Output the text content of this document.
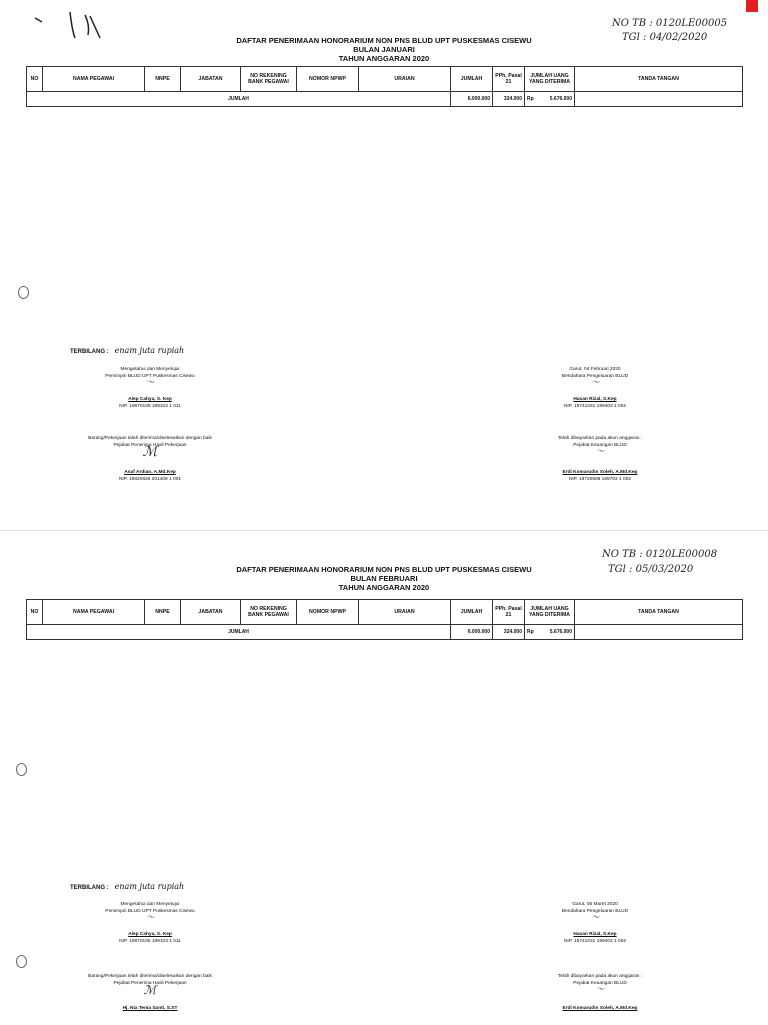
NO TB : 0120LE00005
TGl : 04/02/2020
DAFTAR PENERIMAAN HONORARIUM NON PNS BLUD UPT PUSKESMAS CISEWU
BULAN JANUARI
TAHUN ANGGARAN 2020
NO	NAMA PEGAWAI	NNPE	JABATAN	NO REKENING BANK PEGAWAI	NOMOR NPWP	URAIAN	JUMLAH	PPh. Pasal 21	JUMLAH UANG YANG DITERIMA	TANDA TANGAN
JUMLAH							6.000.000	324.000	Rp 5.676.000	

TERBILANG : enam juta rupiah
Mengetahui dan Menyetujui
Pemimpin BLUD UPT Puskesmas Cisewu
～
Alep Cahya, S. Kep
NIP. 19670105 199103 1 011
Garut, 04 Februari 2020
Bendahara Pengeluaran BLUD
～
Hasan Rizal, S.Kep
NIP. 19741031 199403 1 002
Barang/Pekerjaan telah diterima/diselesaikan dengan baik
Pejabat Penerima Hasil Pekerjaan
ℳ
Anaf Ardian, A.Md.Kep
NIP. 19820926 201409 1 001
Telah dibayarkan pada akun anggaran :
Pejabat Keuangan BLUD
～
Erdi Komarudin Soleh, A.Md.Kep
NIP. 19720608 199703 1 002
NO TB : 0120LE00008
TGl : 05/03/2020
DAFTAR PENERIMAAN HONORARIUM NON PNS BLUD UPT PUSKESMAS CISEWU
BULAN FEBRUARI
TAHUN ANGGARAN 2020
NO	NAMA PEGAWAI	NNPE	JABATAN	NO REKENING BANK PEGAWAI	NOMOR NPWP	URAIAN	JUMLAH	PPh. Pasal 21	JUMLAH UANG YANG DITERIMA	TANDA TANGAN
JUMLAH							6.000.000	324.000	Rp 5.676.000	

TERBILANG : enam juta rupiah
Mengetahui dan Menyetujui
Pemimpin BLUD UPT Puskesmas Cisewu
～
Alep Cahya, S. Kep
NIP. 19670105 199103 1 011
Garut, 05 Maret 2020
Bendahara Pengeluaran BLUD
～
Hasan Rizal, S.Kep
NIP. 19741031 199403 1 002
Barang/Pekerjaan telah diterima/diselesaikan dengan baik
Pejabat Penerima Hasil Pekerjaan
ℳ
Hj. Nia Tenia Santi, S.ST
Telah dibayarkan pada akun anggaran :
Pejabat Keuangan BLUD
～
Erdi Komarudin Soleh, A.Md.Kep
